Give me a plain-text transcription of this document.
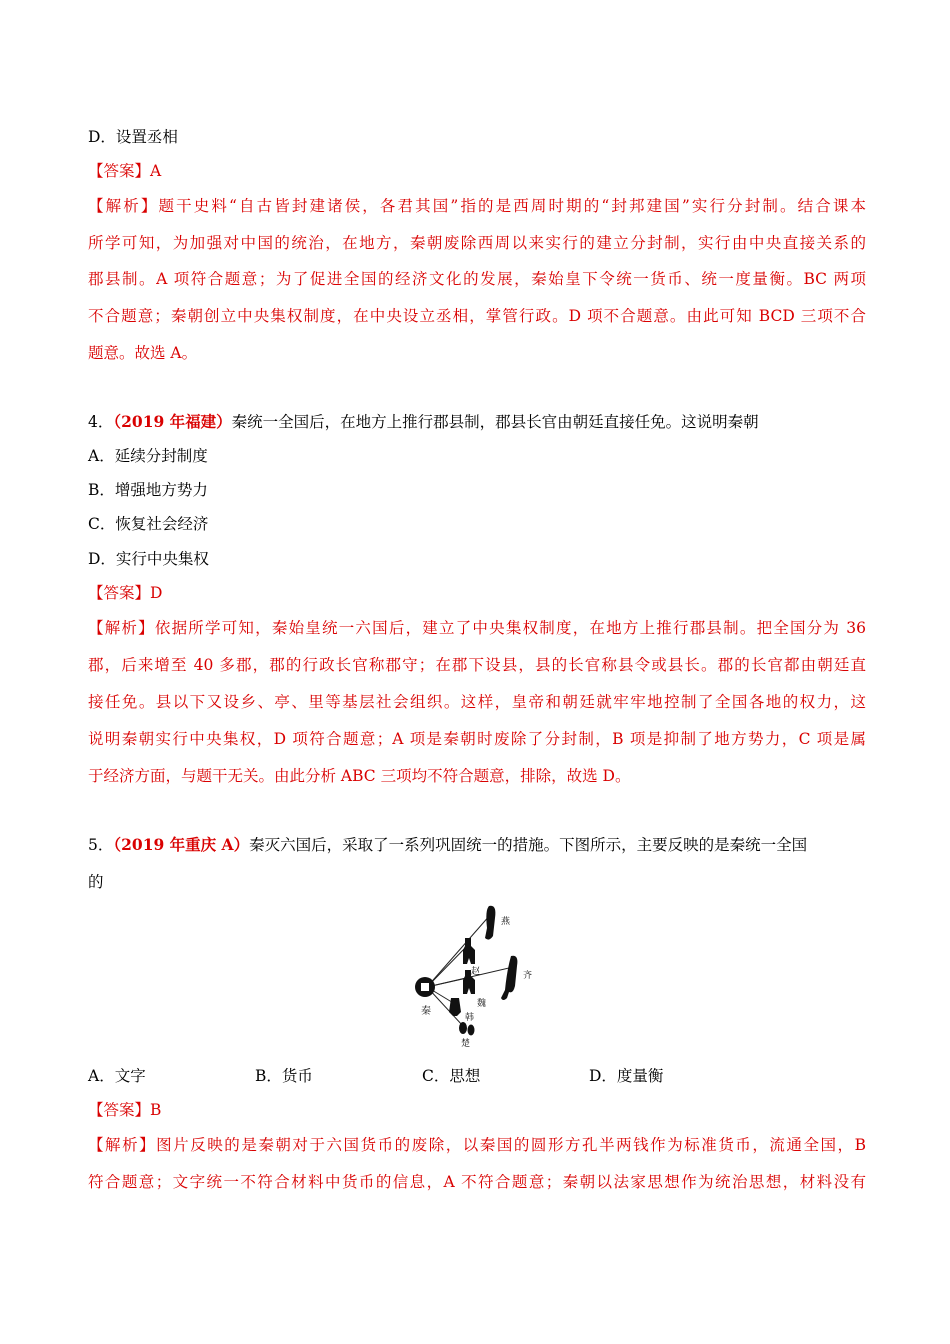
D．设置丞相
【答案】A
【解析】题干史料“自古皆封建诸侯，各君其国”指的是西周时期的“封邦建国”实行分封制。结合课本
所学可知，为加强对中国的统治，在地方，秦朝废除西周以来实行的建立分封制，实行由中央直接关系的
郡县制。A 项符合题意；为了促进全国的经济文化的发展，秦始皇下令统一货币、统一度量衡。BC 两项
不合题意；秦朝创立中央集权制度，在中央设立丞相，掌管行政。D 项不合题意。由此可知 BCD 三项不合
题意。故选 A。
4．（2019 年福建）秦统一全国后，在地方上推行郡县制，郡县长官由朝廷直接任免。这说明秦朝
A．延续分封制度
B．增强地方势力
C．恢复社会经济
D．实行中央集权
【答案】D
【解析】依据所学可知，秦始皇统一六国后，建立了中央集权制度，在地方上推行郡县制。把全国分为 36
郡，后来增至 40 多郡，郡的行政长官称郡守；在郡下设县，县的长官称县令或县长。郡的长官都由朝廷直
接任免。县以下又设乡、亭、里等基层社会组织。这样，皇帝和朝廷就牢牢地控制了全国各地的权力，这
说明秦朝实行中央集权，D 项符合题意；A 项是秦朝时废除了分封制，B 项是抑制了地方势力，C 项是属
于经济方面，与题干无关。由此分析 ABC 三项均不符合题意，排除，故选 D。
5．（2019 年重庆 A）秦灭六国后，采取了一系列巩固统一的措施。下图所示，主要反映的是秦统一全国
的
秦
燕
赵	齐
魏
韩
楚
A．文字	B．货币	C．思想	D．度量衡
【答案】B
【解析】图片反映的是秦朝对于六国货币的废除，以秦国的圆形方孔半两钱作为标准货币，流通全国，B
符合题意；文字统一不符合材料中货币的信息，A 不符合题意；秦朝以法家思想作为统治思想，材料没有
